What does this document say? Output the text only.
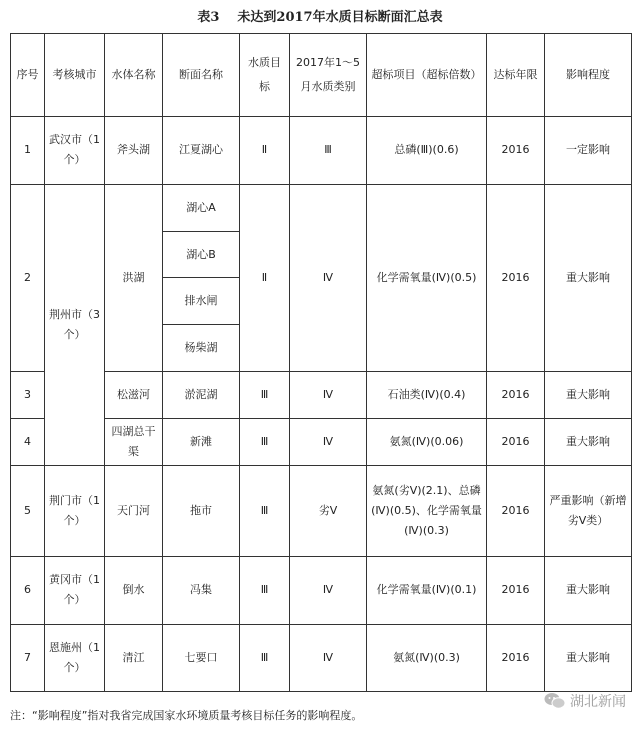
表3 未达到2017年水质目标断面汇总表
序号	考核城市	水体名称	断面名称	水质目标	2017年1～5月水质类别	超标项目（超标倍数）	达标年限	影响程度
1	武汉市（1个）	斧头湖	江夏湖心	Ⅱ	Ⅲ	总磷(Ⅲ)(0.6)	2016	一定影响
2	荆州市（3个）	洪湖	湖心A	Ⅱ	Ⅳ	化学需氧量(Ⅳ)(0.5)	2016	重大影响
			湖心B					
			排水闸					
			杨柴湖					
3		松滋河	淤泥湖	Ⅲ	Ⅳ	石油类(Ⅳ)(0.4)	2016	重大影响
4		四湖总干渠	新滩	Ⅲ	Ⅳ	氨氮(Ⅳ)(0.06)	2016	重大影响
5	荆门市（1个）	天门河	拖市	Ⅲ	劣Ⅴ	氨氮(劣Ⅴ)(2.1)、总磷(Ⅳ)(0.5)、化学需氧量(Ⅳ)(0.3)	2016	严重影响（新增劣Ⅴ类）
6	黄冈市（1个）	倒水	冯集	Ⅲ	Ⅳ	化学需氧量(Ⅳ)(0.1)	2016	重大影响
7	恩施州（1个）	清江	七要口	Ⅲ	Ⅳ	氨氮(Ⅳ)(0.3)	2016	重大影响
注：“影响程度”指对我省完成国家水环境质量考核目标任务的影响程度。
湖北新闻
